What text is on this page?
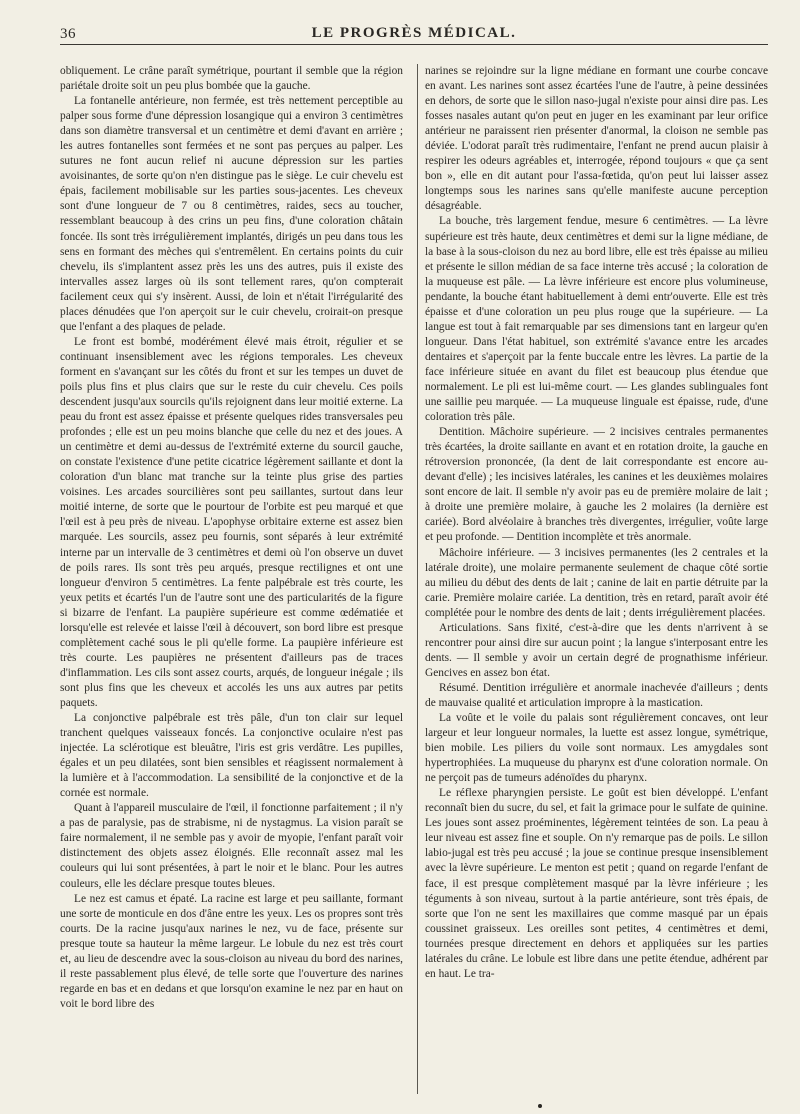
36	LE PROGRÈS MÉDICAL.

obliquement. Le crâne paraît symétrique, pourtant il semble que la région pariétale droite soit un peu plus bombée que la gauche.

La fontanelle antérieure, non fermée, est très nettement perceptible au palper sous forme d'une dépression losangique qui a environ 3 centimètres dans son diamètre transversal et un centimètre et demi d'avant en arrière ; les autres fontanelles sont fermées et ne sont pas perçues au palper. Les sutures ne font aucun relief ni aucune dépression sur les parties avoisinantes, de sorte qu'on n'en distingue pas le siège. Le cuir chevelu est épais, facilement mobilisable sur les parties sous-jacentes. Les cheveux sont d'une longueur de 7 ou 8 centimètres, raides, secs au toucher, ressemblant beaucoup à des crins un peu fins, d'une coloration châtain foncée. Ils sont très irrégulièrement implantés, dirigés un peu dans tous les sens en formant des mèches qui s'entremêlent. En certains points du cuir chevelu, ils s'implantent assez près les uns des autres, puis il existe des intervalles assez larges où ils sont tellement rares, qu'on compterait facilement ceux qui s'y insèrent. Aussi, de loin et n'était l'irrégularité des places dénudées que l'on aperçoit sur le cuir chevelu, croirait-on presque que l'enfant a des plaques de pelade.

Le front est bombé, modérément élevé mais étroit, régulier et se continuant insensiblement avec les régions temporales. Les cheveux forment en s'avançant sur les côtés du front et sur les tempes un duvet de poils plus fins et plus clairs que sur le reste du cuir chevelu. Ces poils descendent jusqu'aux sourcils qu'ils rejoignent dans leur moitié externe. La peau du front est assez épaisse et présente quelques rides transversales peu profondes ; elle est un peu moins blanche que celle du nez et des joues. A un centimètre et demi au-dessus de l'extrémité externe du sourcil gauche, on constate l'existence d'une petite cicatrice légèrement saillante et dont la coloration d'un blanc mat tranche sur la teinte plus grise des parties voisines. Les arcades sourcilières sont peu saillantes, surtout dans leur moitié interne, de sorte que le pourtour de l'orbite est peu marqué et que l'œil est à peu près de niveau. L'apophyse orbitaire externe est assez bien marquée. Les sourcils, assez peu fournis, sont séparés à leur extrémité interne par un intervalle de 3 centimètres et demi où l'on observe un duvet de poils rares. Ils sont très peu arqués, presque rectilignes et ont une longueur d'environ 5 centimètres. La fente palpébrale est très courte, les yeux petits et écartés l'un de l'autre sont une des particularités de la figure si bizarre de l'enfant. La paupière supérieure est comme œdématiée et lorsqu'elle est relevée et laisse l'œil à découvert, son bord libre est presque complètement caché sous le pli qu'elle forme. La paupière inférieure est très courte. Les paupières ne présentent d'ailleurs pas de traces d'inflammation. Les cils sont assez courts, arqués, de longueur inégale ; ils sont plus fins que les cheveux et accolés les uns aux autres par petits paquets.

La conjonctive palpébrale est très pâle, d'un ton clair sur lequel tranchent quelques vaisseaux foncés. La conjonctive oculaire n'est pas injectée. La sclérotique est bleuâtre, l'iris est gris verdâtre. Les pupilles, égales et un peu dilatées, sont bien sensibles et réagissent normalement à la lumière et à l'accommodation. La sensibilité de la conjonctive et de la cornée est normale.

Quant à l'appareil musculaire de l'œil, il fonctionne parfaitement ; il n'y a pas de paralysie, pas de strabisme, ni de nystagmus. La vision paraît se faire normalement, il ne semble pas y avoir de myopie, l'enfant paraît voir distinctement des objets assez éloignés. Elle reconnaît assez mal les couleurs qui lui sont présentées, à part le noir et le blanc. Pour les autres couleurs, elle les déclare presque toutes bleues.

Le nez est camus et épaté. La racine est large et peu saillante, formant une sorte de monticule en dos d'âne entre les yeux. Les os propres sont très courts. De la racine jusqu'aux narines le nez, vu de face, présente sur presque toute sa hauteur la même largeur. Le lobule du nez est très court et, au lieu de descendre avec la sous-cloison au niveau du bord des narines, il reste passablement plus élevé, de telle sorte que l'ouverture des narines regarde en bas et en dedans et que lorsqu'on examine le nez par en haut on voit le bord libre des

narines se rejoindre sur la ligne médiane en formant une courbe concave en avant. Les narines sont assez écartées l'une de l'autre, à peine dessinées en dehors, de sorte que le sillon naso-jugal n'existe pour ainsi dire pas. Les fosses nasales autant qu'on peut en juger en les examinant par leur orifice antérieur ne paraissent rien présenter d'anormal, la cloison ne semble pas déviée. L'odorat paraît très rudimentaire, l'enfant ne prend aucun plaisir à respirer les odeurs agréables et, interrogée, répond toujours « que ça sent bon », elle en dit autant pour l'assa-fœtida, qu'on peut lui laisser assez longtemps sous les narines sans qu'elle manifeste aucune perception désagréable.

La bouche, très largement fendue, mesure 6 centimètres. — La lèvre supérieure est très haute, deux centimètres et demi sur la ligne médiane, de la base à la sous-cloison du nez au bord libre, elle est très épaisse au milieu et présente le sillon médian de sa face interne très accusé ; la coloration de la muqueuse est pâle. — La lèvre inférieure est encore plus volumineuse, pendante, la bouche étant habituellement à demi entr'ouverte. Elle est très épaisse et d'une coloration un peu plus rouge que la supérieure. — La langue est tout à fait remarquable par ses dimensions tant en largeur qu'en longueur. Dans l'état habituel, son extrémité s'avance entre les arcades dentaires et s'aperçoit par la fente buccale entre les lèvres. La partie de la face inférieure située en avant du filet est beaucoup plus étendue que normalement. Le pli est lui-même court. — Les glandes sublinguales font une saillie peu marquée. — La muqueuse linguale est épaisse, rude, d'une coloration très pâle.

Dentition. Mâchoire supérieure. — 2 incisives centrales permanentes très écartées, la droite saillante en avant et en rotation droite, la gauche en rétroversion prononcée, (la dent de lait correspondante est encore au-devant d'elle) ; les incisives latérales, les canines et les deuxièmes molaires sont encore de lait. Il semble n'y avoir pas eu de première molaire de lait ; à droite une première molaire, à gauche les 2 molaires (la dernière est cariée). Bord alvéolaire à branches très divergentes, irrégulier, voûte large et peu profonde. — Dentition incomplète et très anormale.

Mâchoire inférieure. — 3 incisives permanentes (les 2 centrales et la latérale droite), une molaire permanente seulement de chaque côté sortie au milieu du début des dents de lait ; canine de lait en partie détruite par la carie. Première molaire cariée. La dentition, très en retard, paraît avoir été complétée pour le nombre des dents de lait ; dents irrégulièrement placées.

Articulations. Sans fixité, c'est-à-dire que les dents n'arrivent à se rencontrer pour ainsi dire sur aucun point ; la langue s'interposant entre les dents. — Il semble y avoir un certain degré de prognathisme inférieur. Gencives en assez bon état.

Résumé. Dentition irrégulière et anormale inachevée d'ailleurs ; dents de mauvaise qualité et articulation impropre à la mastication.

La voûte et le voile du palais sont régulièrement concaves, ont leur largeur et leur longueur normales, la luette est assez longue, symétrique, bien mobile. Les piliers du voile sont normaux. Les amygdales sont hypertrophiées. La muqueuse du pharynx est d'une coloration normale. On ne perçoit pas de tumeurs adénoïdes du pharynx.

Le réflexe pharyngien persiste. Le goût est bien développé. L'enfant reconnaît bien du sucre, du sel, et fait la grimace pour le sulfate de quinine. Les joues sont assez proéminentes, légèrement teintées de son. La peau à leur niveau est assez fine et souple. On n'y remarque pas de poils. Le sillon labio-jugal est très peu accusé ; la joue se continue presque insensiblement avec la lèvre supérieure. Le menton est petit ; quand on regarde l'enfant de face, il est presque complètement masqué par la lèvre inférieure ; les téguments à son niveau, surtout à la partie antérieure, sont très épais, de sorte que l'on ne sent les maxillaires que comme masqué par un épais coussinet graisseux. Les oreilles sont petites, 4 centimètres et demi, tournées presque directement en dehors et appliquées sur les parties latérales du crâne. Le lobule est libre dans une petite étendue, adhérent par en haut. Le tra-
